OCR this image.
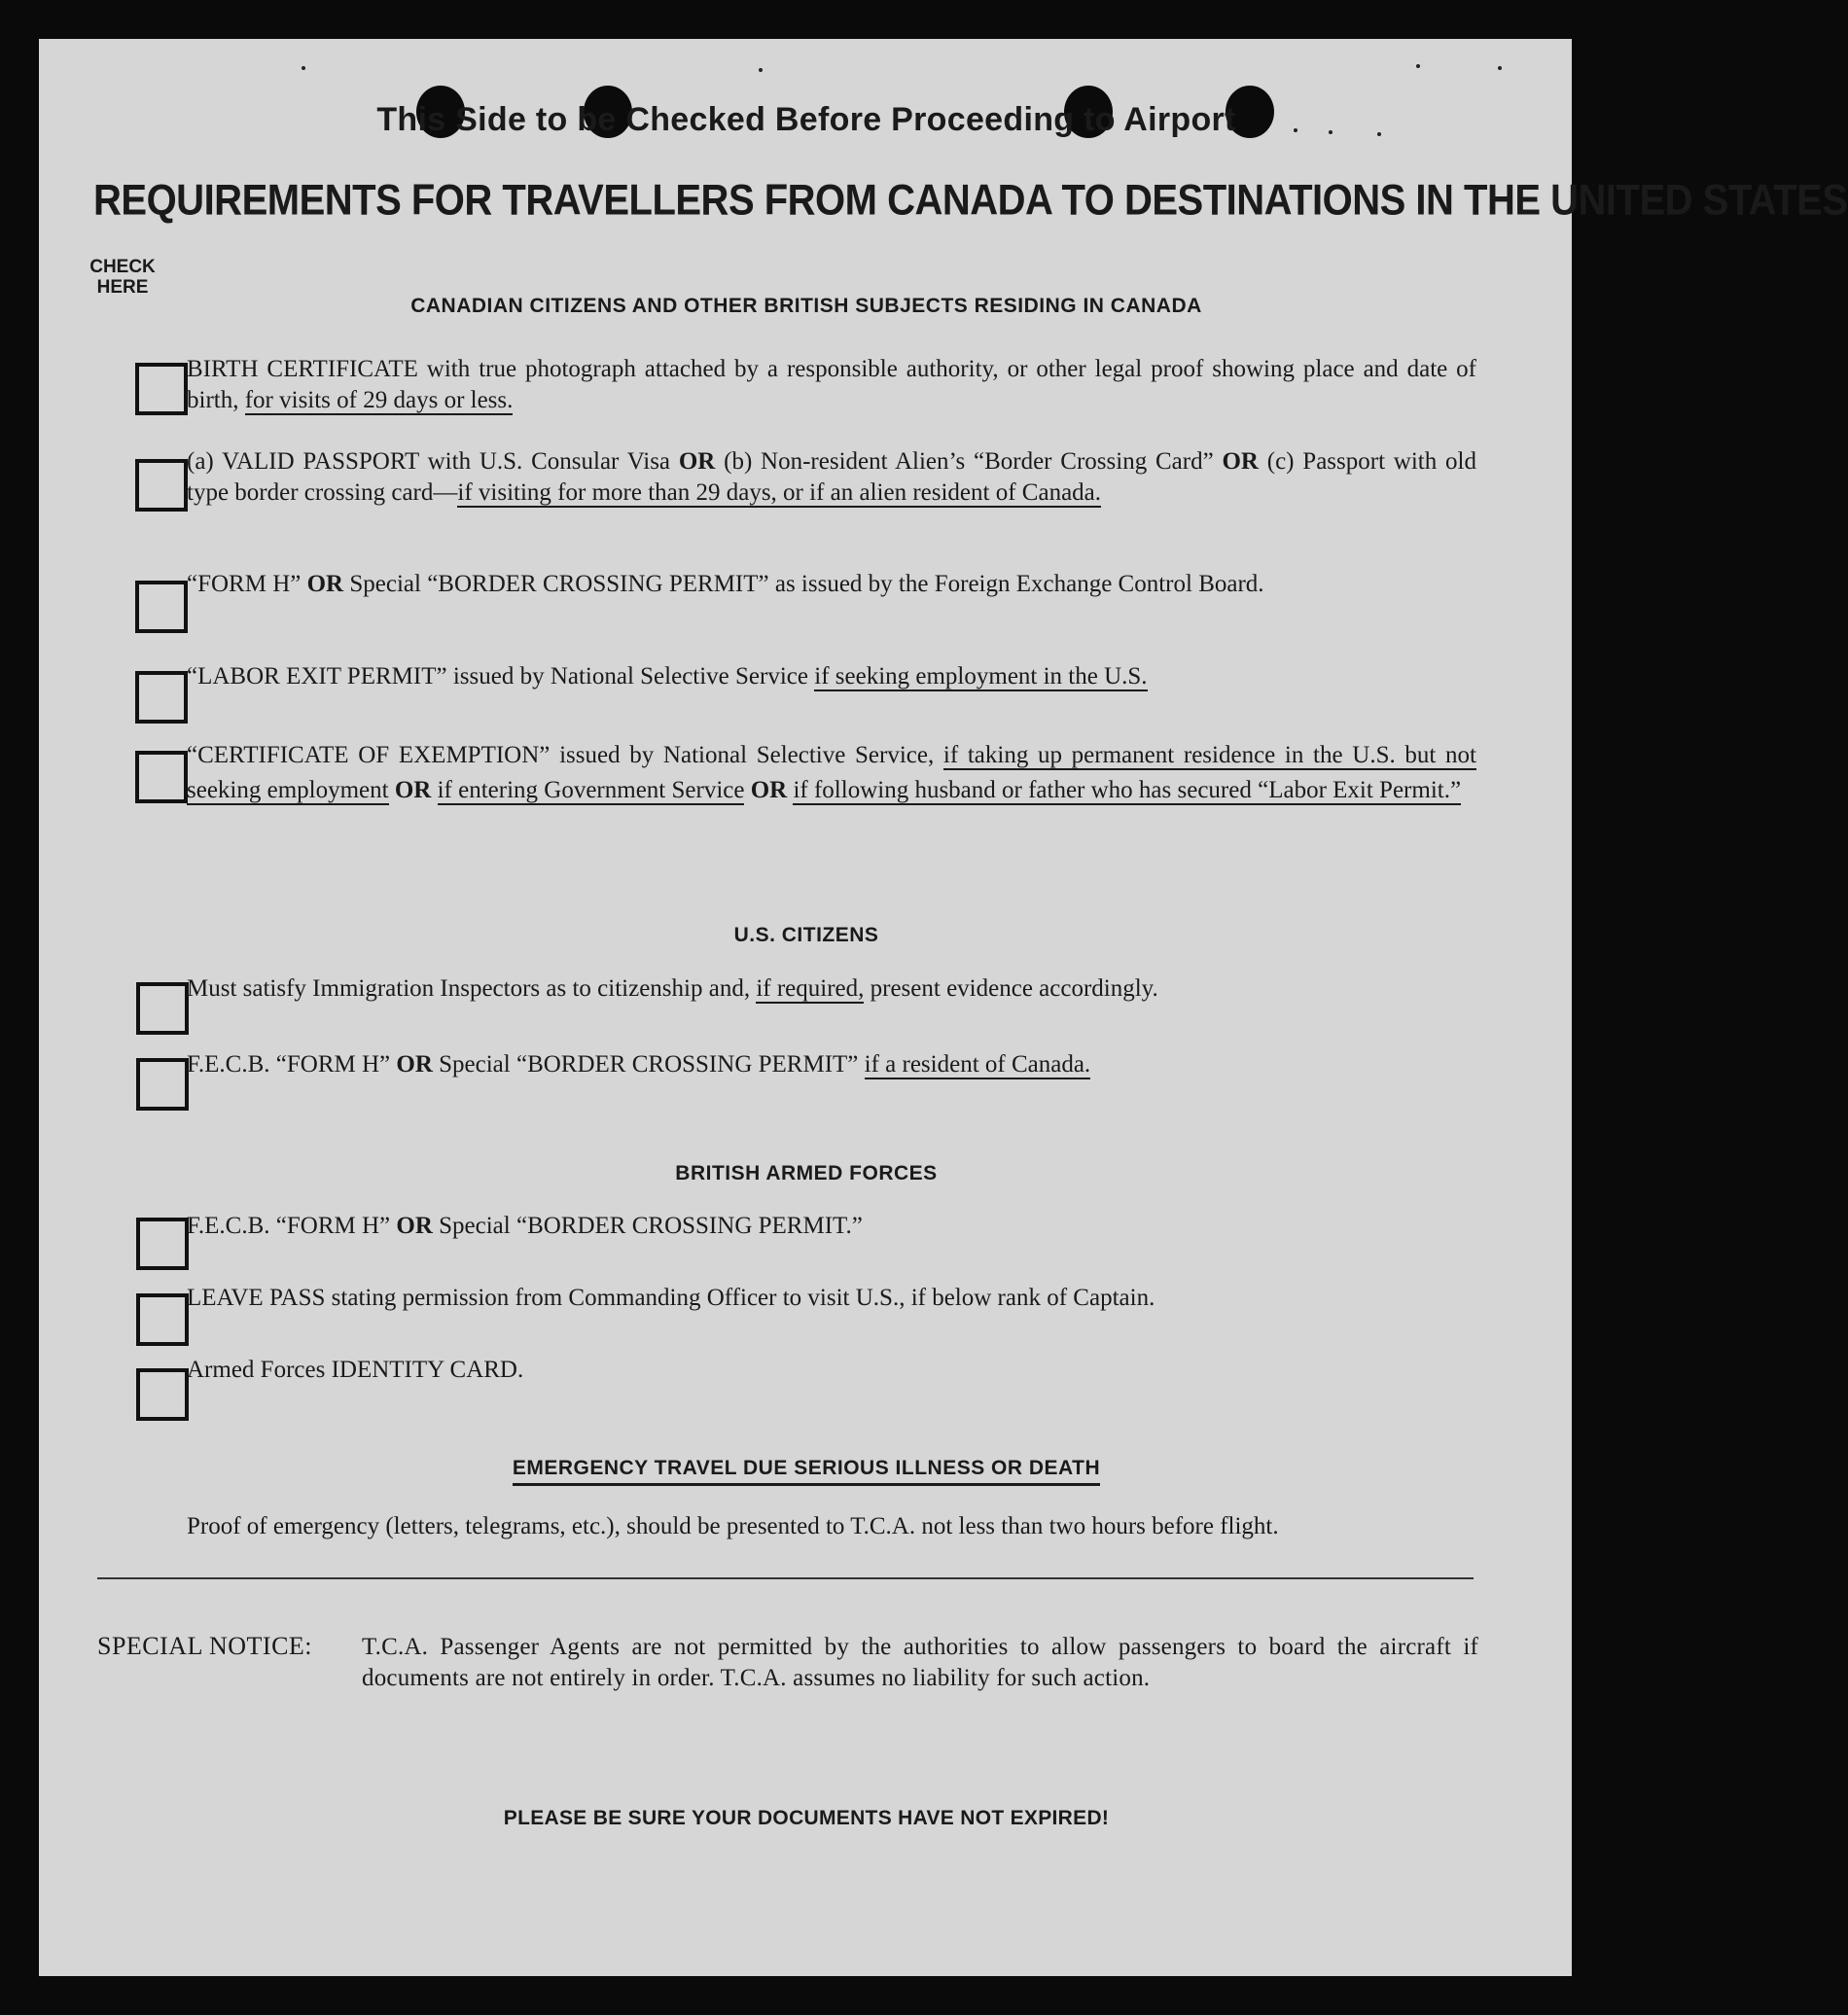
This Side to be Checked Before Proceeding to Airport
REQUIREMENTS FOR TRAVELLERS FROM CANADA TO DESTINATIONS IN THE UNITED STATES
CHECK
HERE
CANADIAN CITIZENS AND OTHER BRITISH SUBJECTS RESIDING IN CANADA
BIRTH CERTIFICATE with true photograph attached by a responsible authority, or other legal proof showing place and date of birth, for visits of 29 days or less.
(a) VALID PASSPORT with U.S. Consular Visa OR (b) Non-resident Alien’s “Border Crossing Card” OR (c) Passport with old type border crossing card—if visiting for more than 29 days, or if an alien resident of Canada.
“FORM H” OR Special “BORDER CROSSING PERMIT” as issued by the Foreign Exchange Control Board.
“LABOR EXIT PERMIT” issued by National Selective Service if seeking employment in the U.S.
“CERTIFICATE OF EXEMPTION” issued by National Selective Service, if taking up permanent residence in the U.S. but not seeking employment OR if entering Government Service OR if following husband or father who has secured “Labor Exit Permit.”
U.S. CITIZENS
Must satisfy Immigration Inspectors as to citizenship and, if required, present evidence accordingly.
F.E.C.B. “FORM H” OR Special “BORDER CROSSING PERMIT” if a resident of Canada.
BRITISH ARMED FORCES
F.E.C.B. “FORM H” OR Special “BORDER CROSSING PERMIT.”
LEAVE PASS stating permission from Commanding Officer to visit U.S., if below rank of Captain.
Armed Forces IDENTITY CARD.
EMERGENCY TRAVEL DUE SERIOUS ILLNESS OR DEATH
Proof of emergency (letters, telegrams, etc.), should be presented to T.C.A. not less than two hours before flight.
SPECIAL NOTICE: T.C.A. Passenger Agents are not permitted by the authorities to allow passengers to board the aircraft if documents are not entirely in order. T.C.A. assumes no liability for such action.
PLEASE BE SURE YOUR DOCUMENTS HAVE NOT EXPIRED!
